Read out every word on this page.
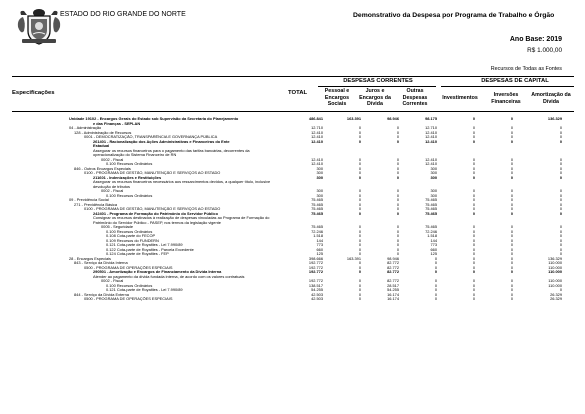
ESTADO DO RIO GRANDE DO NORTE	Demonstrativo da Despesa por Programa de Trabalho e Órgão
Ano Base: 2019
R$ 1.000,00
Recursos de Todas as Fontes
DESPESAS CORRENTES	DESPESAS DE CAPITAL
Especificações	TOTAL	Pessoal e Encargos Sociais
Juros e Encargos da Dívida
Outras Despesas Correntes
Investimentos	Inversões Financeiras
Amortização da Dívida
Unidade 19102 - Encargos Gerais do Estado sob Supervisão da Secretaria do Planejamento	486.841	163.391	98.946	98.175	0	0	136.329
e das Finanças - SEPLAN
04 - Administração	12.710	0	0	12.710	0	0	0
128 - Administração de Recursos	12.410	0	0	12.410	0	0	0
0001 - DEMOCRATIZAÇÃO, TRANSPARÊNCIA E GOVERNANÇA PÚBLICA	12.410	0	0	12.410	0	0	0
261401 - Racionalização dos Ações Administrativas e Financeiras do Ente	12.410	0	0	12.410	0	0	0
Estadual
Assegurar os recursos financeiros para o pagamento das tarifas bancárias, decorrentes da
operacionalização do Sistema Financeiro de RN
0002 - Fiscal	12.410	0	0	12.410	0	0	0
0.100 Recursos Ordinários	12.410	0	0	12.410	0	0	0
846 - Outros Encargos Especiais	300	0	0	300	0	0	0
0100 - PROGRAMA DE GESTÃO, MANUTENÇÃO E SERVIÇOS AO ESTADO	300	0	0	300	0	0	0
211601 - Indenizações e Restituições	300	0	0	300	0	0	0
Assegurar os recursos financeiros necessários aos ressarcimentos devidos, a qualquer título, inclusive
devolução de tributos
0002 - Fiscal	300	0	0	300	0	0	0
0.100 Recursos Ordinários	300	0	0	300	0	0	0
09 - Previdência Social	75.465	0	0	75.465	0	0	0
271 - Previdência Básica	75.465	0	0	75.465	0	0	0
0100 - PROGRAMA DE GESTÃO, MANUTENÇÃO E SERVIÇOS AO ESTADO	75.465	0	0	75.465	0	0	0
242401 - Programa de Formação do Patrimônio do Servidor Público	75.465	0	0	75.465	0	0	0
Consignar os recursos destinados à realização de despesas vinculadas ao Programa de Formação do
Patrimônio do Servidor Público - PASEP, nos termos da legislação vigente
0005 - Seguridade	75.465	0	0	75.465	0	0	0
0.100 Recursos Ordinários	72.246	0	0	72.246	0	0	0
0.108 Cota-parte do FECOP	1.518	0	0	1.518	0	0	0
0.109 Recursos do FUNDERN	144	0	0	144	0	0	0
0.121 Cota-parte de Royalties - Lei 7.990/89	773	0	0	773	0	0	0
0.122 Cota-parte de Royalties - Parcela Excedente	660	0	0	660	0	0	0
0.124 Cota-parte de Royalties - FEP	125	0	0	125	0	0	0
28 - Encargos Especiais	398.666	163.391	98.946	0	0	0	136.329
843 - Serviço da Dívida Interna	192.772	0	82.772	0	0	0	110.000
0500 - PROGRAMA DE OPERAÇÕES ESPECIAIS	192.772	0	82.772	0	0	0	110.000
290501 - Amortização e Encargos de Financiamento da Dívida Interna	192.772	0	82.772	0	0	0	110.000
Atender ao pagamento da dívida fundada interna, de acordo com os valores contratuais
0002 - Fiscal	192.772	0	82.772	0	0	0	110.000
0.100 Recursos Ordinários	138.517	0	28.517	0	0	0	110.000
0.121 Cota-parte de Royalties - Lei 7.990/89	54.255	0	54.255	0	0	0	0
844 - Serviço da Dívida Externa	42.503	0	16.174	0	0	0	26.329
0500 - PROGRAMA DE OPERAÇÕES ESPECIAIS	42.503	0	16.174	0	0	0	26.329
